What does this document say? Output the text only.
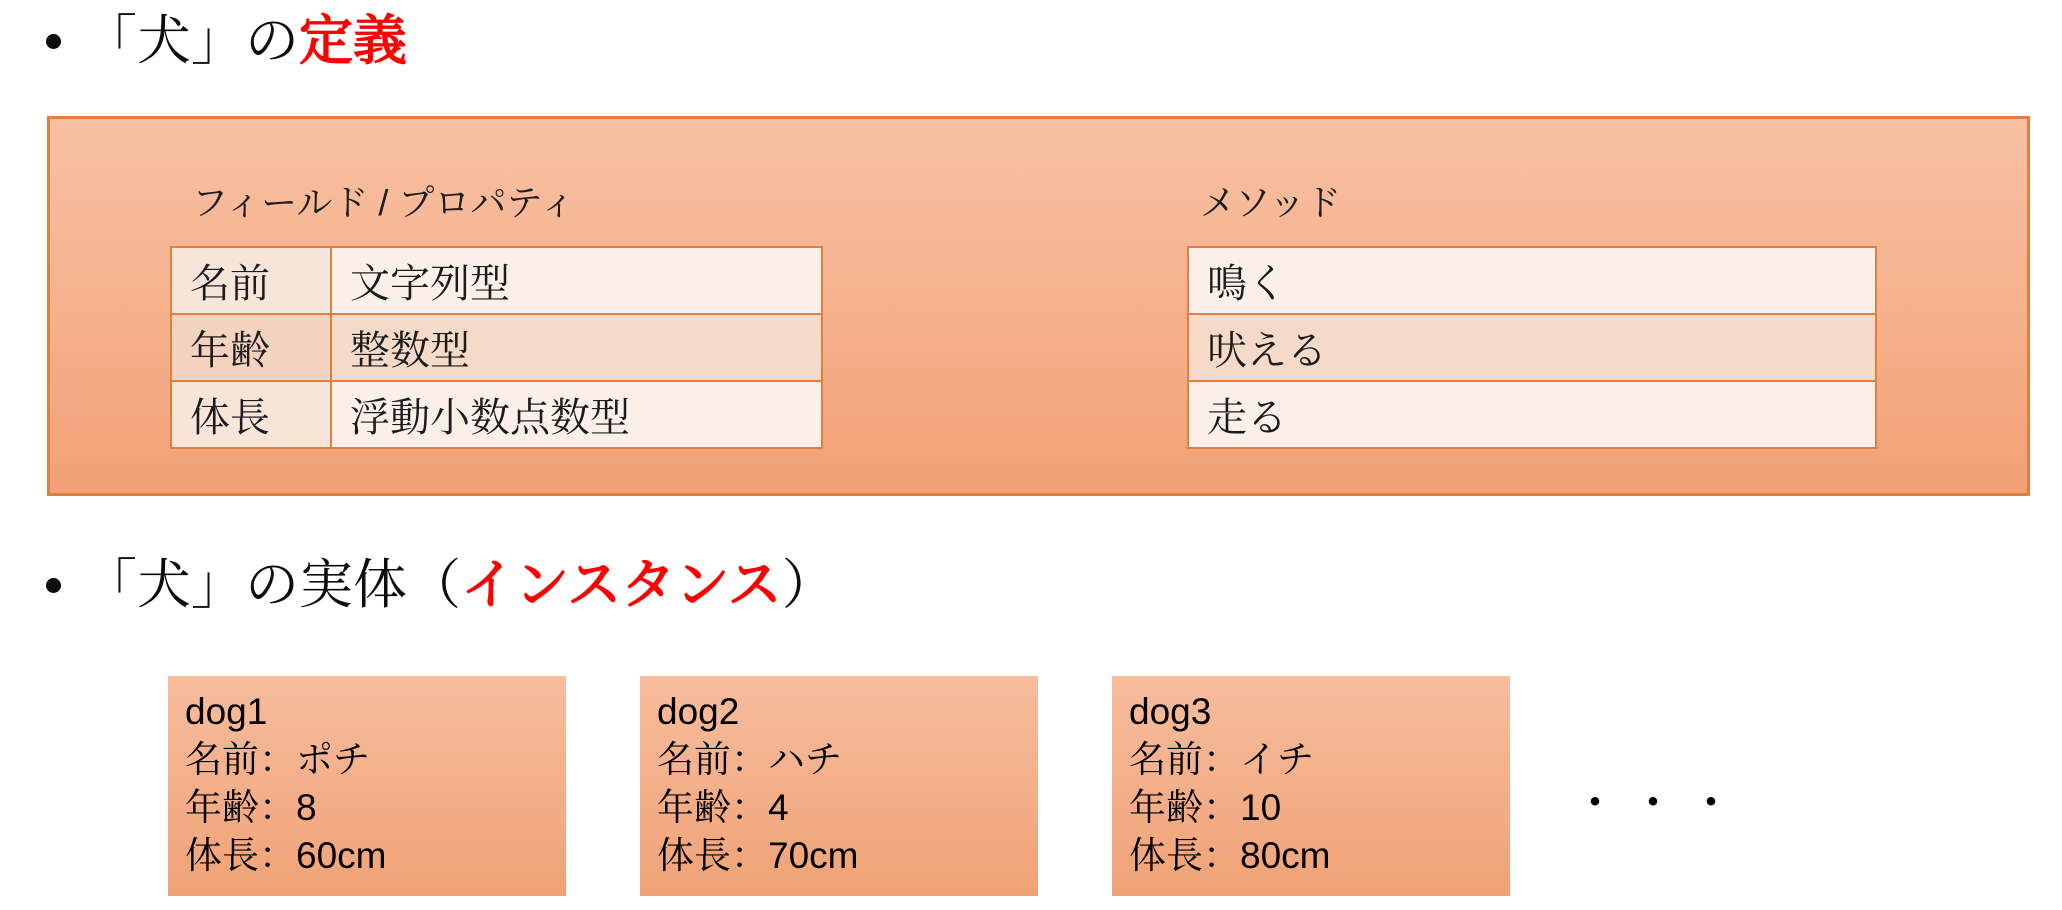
「犬」の定義
フィールド / プロパティ
名前	文字列型
年齢	整数型
体長	浮動小数点数型
メソッド
鳴く
吠える
走る
「犬」の実体（インスタンス）
dog1
名前：ポチ
年齢：8
体長：60cm
dog2
名前：ハチ
年齢：4
体長：70cm
dog3
名前：イチ
年齢：10
体長：80cm
・・・
